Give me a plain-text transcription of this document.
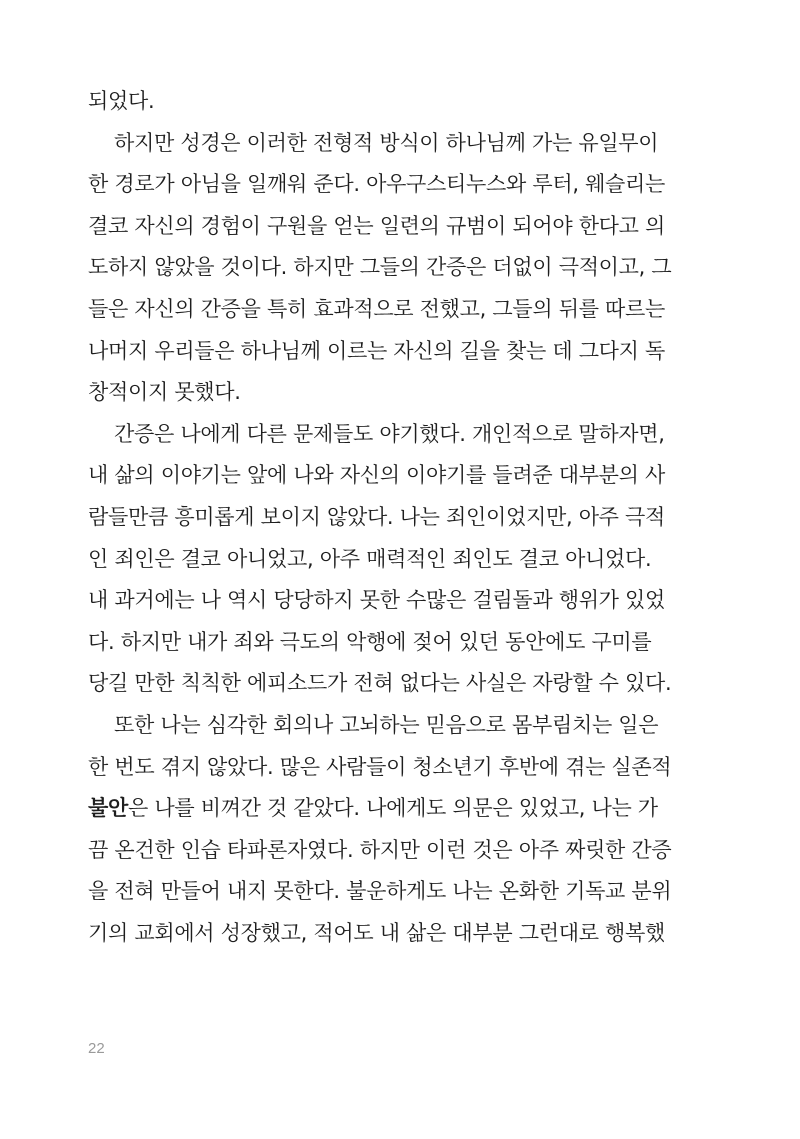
되었다.
하지만 성경은 이러한 전형적 방식이 하나님께 가는 유일무이
한 경로가 아님을 일깨워 준다. 아우구스티누스와 루터, 웨슬리는
결코 자신의 경험이 구원을 얻는 일련의 규범이 되어야 한다고 의
도하지 않았을 것이다. 하지만 그들의 간증은 더없이 극적이고, 그
들은 자신의 간증을 특히 효과적으로 전했고, 그들의 뒤를 따르는
나머지 우리들은 하나님께 이르는 자신의 길을 찾는 데 그다지 독
창적이지 못했다.
간증은 나에게 다른 문제들도 야기했다. 개인적으로 말하자면,
내 삶의 이야기는 앞에 나와 자신의 이야기를 들려준 대부분의 사
람들만큼 흥미롭게 보이지 않았다. 나는 죄인이었지만, 아주 극적
인 죄인은 결코 아니었고, 아주 매력적인 죄인도 결코 아니었다.
내 과거에는 나 역시 당당하지 못한 수많은 걸림돌과 행위가 있었
다. 하지만 내가 죄와 극도의 악행에 젖어 있던 동안에도 구미를
당길 만한 칙칙한 에피소드가 전혀 없다는 사실은 자랑할 수 있다.
또한 나는 심각한 회의나 고뇌하는 믿음으로 몸부림치는 일은
한 번도 겪지 않았다. 많은 사람들이 청소년기 후반에 겪는 실존적
불안은 나를 비껴간 것 같았다. 나에게도 의문은 있었고, 나는 가
끔 온건한 인습 타파론자였다. 하지만 이런 것은 아주 짜릿한 간증
을 전혀 만들어 내지 못한다. 불운하게도 나는 온화한 기독교 분위
기의 교회에서 성장했고, 적어도 내 삶은 대부분 그런대로 행복했
22
